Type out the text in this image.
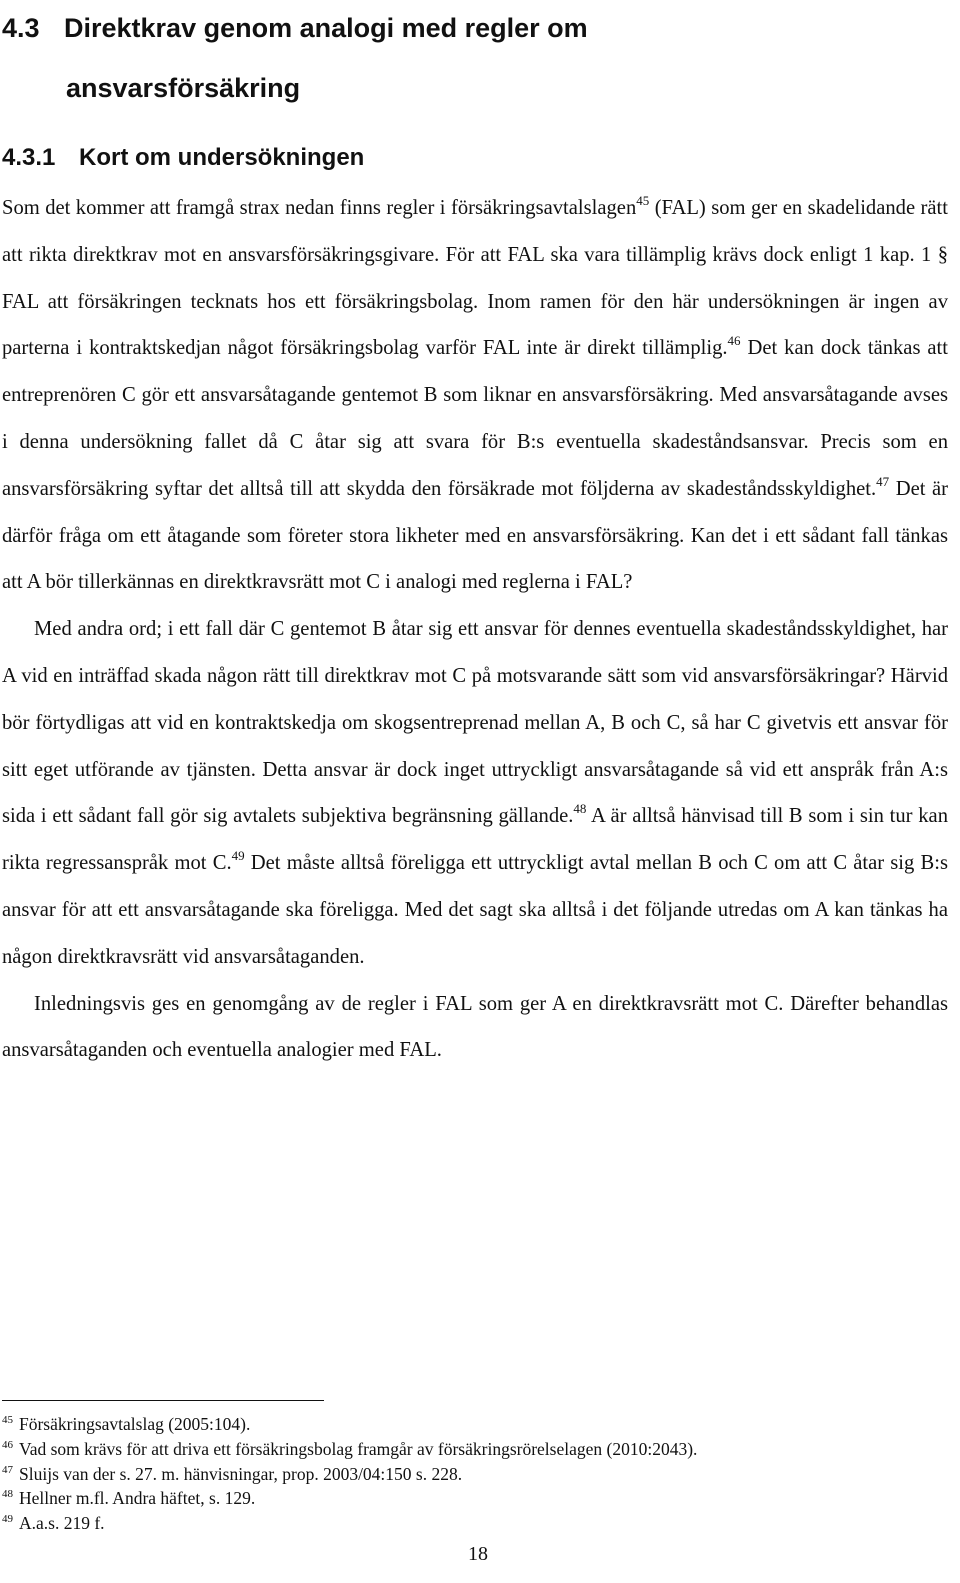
4.3 Direktkrav genom analogi med regler om
ansvarsförsäkring
4.3.1 Kort om undersökningen

Som det kommer att framgå strax nedan finns regler i försäkringsavtalslagen$^{45}$ (FAL) som ger en skadelidande rätt att rikta direktkrav mot en ansvarsförsäkringsgivare. För att FAL ska vara tillämplig krävs dock enligt 1 kap. 1 § FAL att försäkringen tecknats hos ett försäkringsbolag. Inom ramen för den här undersökningen är ingen av parterna i kontraktskedjan något försäkringsbolag varför FAL inte är direkt tillämplig.$^{46}$ Det kan dock tänkas att entreprenören C gör ett ansvarsåtagande gentemot B som liknar en ansvarsförsäkring. Med ansvarsåtagande avses i denna undersökning fallet då C åtar sig att svara för B:s eventuella skadeståndsansvar. Precis som en ansvarsförsäkring syftar det alltså till att skydda den försäkrade mot följderna av skadeståndsskyldighet.$^{47}$ Det är därför fråga om ett åtagande som företer stora likheter med en ansvarsförsäkring. Kan det i ett sådant fall tänkas att A bör tillerkännas en direktkravsrätt mot C i analogi med reglerna i FAL?

Med andra ord; i ett fall där C gentemot B åtar sig ett ansvar för dennes eventuella skadeståndsskyldighet, har A vid en inträffad skada någon rätt till direktkrav mot C på motsvarande sätt som vid ansvarsförsäkringar? Härvid bör förtydligas att vid en kontraktskedja om skogsentreprenad mellan A, B och C, så har C givetvis ett ansvar för sitt eget utförande av tjänsten. Detta ansvar är dock inget uttryckligt ansvarsåtagande så vid ett anspråk från A:s sida i ett sådant fall gör sig avtalets subjektiva begränsning gällande.$^{48}$ A är alltså hänvisad till B som i sin tur kan rikta regressanspråk mot C.$^{49}$ Det måste alltså föreligga ett uttryckligt avtal mellan B och C om att C åtar sig B:s ansvar för att ett ansvarsåtagande ska föreligga. Med det sagt ska alltså i det följande utredas om A kan tänkas ha någon direktkravsrätt vid ansvarsåtaganden.

Inledningsvis ges en genomgång av de regler i FAL som ger A en direktkravsrätt mot C. Därefter behandlas ansvarsåtaganden och eventuella analogier med FAL.

$^{45}$ Försäkringsavtalslag (2005:104).
$^{46}$ Vad som krävs för att driva ett försäkringsbolag framgår av försäkringsrörelselagen (2010:2043).
$^{47}$ Sluijs van der s. 27. m. hänvisningar, prop. 2003/04:150 s. 228.
$^{48}$ Hellner m.fl. Andra häftet, s. 129.
$^{49}$ A.a.s. 219 f.
18
